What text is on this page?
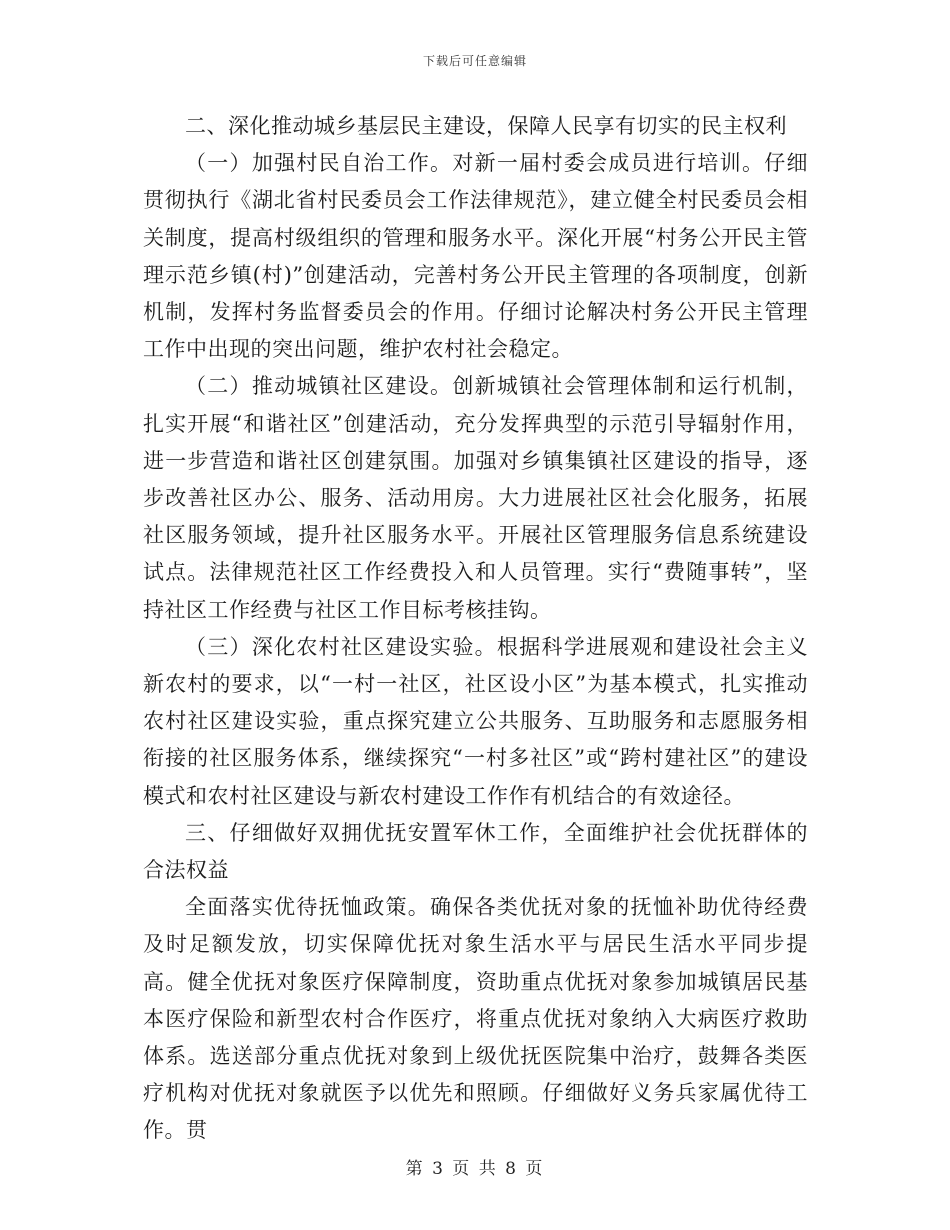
下载后可任意编辑

二、深化推动城乡基层民主建设，保障人民享有切实的民主权利

（一）加强村民自治工作。对新一届村委会成员进行培训。仔细贯彻执行《湖北省村民委员会工作法律规范》，建立健全村民委员会相关制度，提高村级组织的管理和服务水平。深化开展“村务公开民主管理示范乡镇(村)”创建活动，完善村务公开民主管理的各项制度，创新机制，发挥村务监督委员会的作用。仔细讨论解决村务公开民主管理工作中出现的突出问题，维护农村社会稳定。

（二）推动城镇社区建设。创新城镇社会管理体制和运行机制，扎实开展“和谐社区”创建活动，充分发挥典型的示范引导辐射作用，进一步营造和谐社区创建氛围。加强对乡镇集镇社区建设的指导，逐步改善社区办公、服务、活动用房。大力进展社区社会化服务，拓展社区服务领域，提升社区服务水平。开展社区管理服务信息系统建设试点。法律规范社区工作经费投入和人员管理。实行“费随事转”，坚持社区工作经费与社区工作目标考核挂钩。

（三）深化农村社区建设实验。根据科学进展观和建设社会主义新农村的要求，以“一村一社区，社区设小区”为基本模式，扎实推动农村社区建设实验，重点探究建立公共服务、互助服务和志愿服务相衔接的社区服务体系，继续探究“一村多社区”或“跨村建社区”的建设模式和农村社区建设与新农村建设工作作有机结合的有效途径。

三、仔细做好双拥优抚安置军休工作，全面维护社会优抚群体的合法权益

全面落实优待抚恤政策。确保各类优抚对象的抚恤补助优待经费及时足额发放，切实保障优抚对象生活水平与居民生活水平同步提高。健全优抚对象医疗保障制度，资助重点优抚对象参加城镇居民基本医疗保险和新型农村合作医疗，将重点优抚对象纳入大病医疗救助体系。选送部分重点优抚对象到上级优抚医院集中治疗，鼓舞各类医疗机构对优抚对象就医予以优先和照顾。仔细做好义务兵家属优待工作。贯

第 3 页 共 8 页
